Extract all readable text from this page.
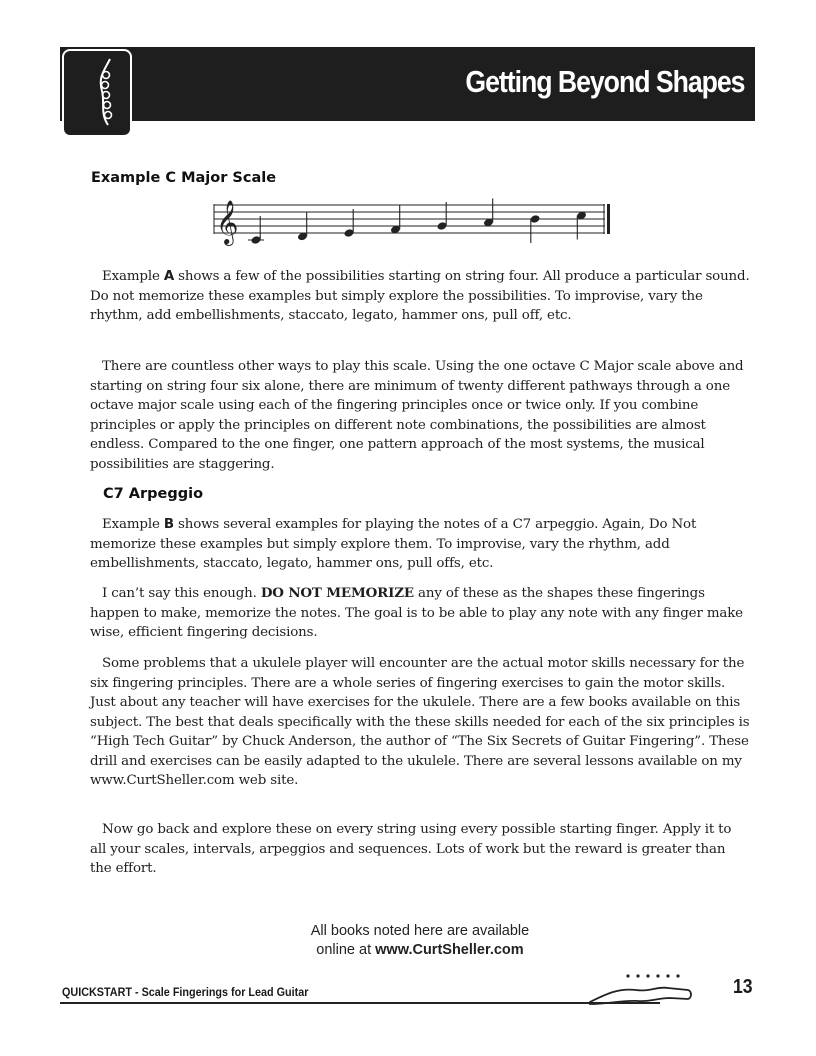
Getting Beyond Shapes
Example C Major Scale
𝄞

Example A shows a few of the possibilities starting on string four. All produce a particular sound. Do not memorize these examples but simply explore the possibilities. To improvise, vary the rhythm, add embellishments, staccato, legato, hammer ons, pull off, etc.

There are countless other ways to play this scale. Using the one octave C Major scale above and starting on string four six alone, there are minimum of twenty different pathways through a one octave major scale using each of the fingering principles once or twice only. If you combine principles or apply the principles on different note combinations, the possibilities are almost endless. Compared to the one finger, one pattern approach of the most systems, the musical possibilities are staggering.

C7 Arpeggio

Example B shows several examples for playing the notes of a C7 arpeggio. Again, Do Not memorize these examples but simply explore them. To improvise, vary the rhythm, add embellishments, staccato, legato, hammer ons, pull offs, etc.

I can’t say this enough. DO NOT MEMORIZE any of these as the shapes these fingerings happen to make, memorize the notes. The goal is to be able to play any note with any finger make wise, efficient fingering decisions.

Some problems that a ukulele player will encounter are the actual motor skills necessary for the six fingering principles. There are a whole series of fingering exercises to gain the motor skills. Just about any teacher will have exercises for the ukulele. There are a few books available on this subject. The best that deals specifically with the these skills needed for each of the six principles is “High Tech Guitar” by Chuck Anderson, the author of “The Six Secrets of Guitar Fingering”. These drill and exercises can be easily adapted to the ukulele. There are several lessons available on my www.CurtSheller.com web site.

Now go back and explore these on every string using every possible starting finger. Apply it to all your scales, intervals, arpeggios and sequences. Lots of work but the reward is greater than the effort.

All books noted here are available
online at www.CurtSheller.com
QUICKSTART - Scale Fingerings for Lead Guitar	13
